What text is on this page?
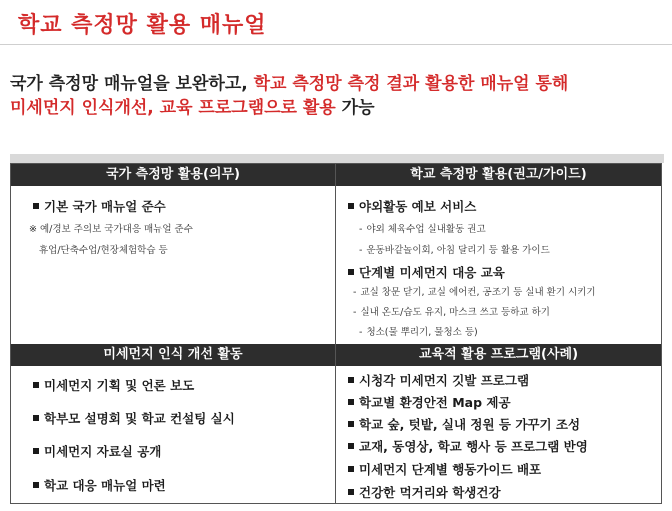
학교 측정망 활용 매뉴얼
국가 측정망 매뉴얼을 보완하고, 학교 측정망 측정 결과 활용한 매뉴얼 통해
미세먼지 인식개선, 교육 프로그램으로 활용 가능
국가 측정망 활용(의무)	학교 측정망 활용(권고/가이드)
기본 국가 매뉴얼 준수
※ 예/경보 주의보 국가대응 매뉴얼 준수
휴업/단축수업/현장체험학습 등
야외활동 예보 서비스
- 야외 체육수업 실내활동 권고
- 운동바같놀이회, 아침 달리기 등 활용 가이드
단계별 미세먼지 대응 교육
- 교실 창문 닫기, 교실 에어컨, 공조기 등 실내 환기 시키기
- 실내 온도/습도 유지, 마스크 쓰고 등하교 하기
- 청소(물 뿌리기, 물청소 등)
미세먼지 인식 개선 활동	교육적 활용 프로그램(사례)
미세먼지 기획 및 언론 보도
학부모 설명회 및 학교 컨설팅 실시
미세먼지 자료실 공개
학교 대응 매뉴얼 마련
시청각 미세먼지 깃발 프로그램
학교별 환경안전 Map 제공
학교 숲, 텃밭, 실내 정원 등 가꾸기 조성
교재, 동영상, 학교 행사 등 프로그램 반영
미세먼지 단계별 행동가이드 배포
건강한 먹거리와 학생건강
